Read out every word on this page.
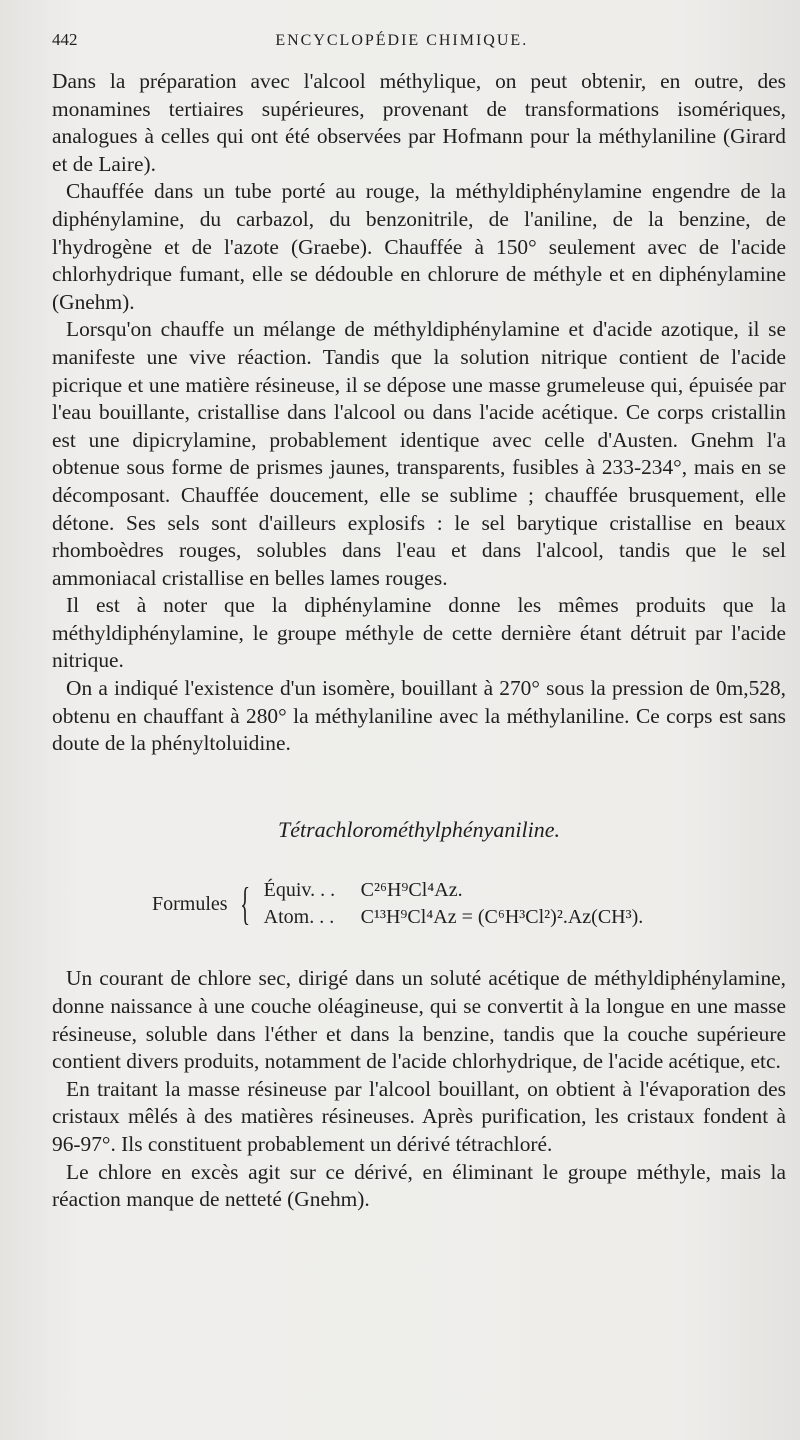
442	ENCYCLOPÉDIE CHIMIQUE.

Dans la préparation avec l'alcool méthylique, on peut obtenir, en outre, des monamines tertiaires supérieures, provenant de transformations isomériques, analogues à celles qui ont été observées par Hofmann pour la méthylaniline (Girard et de Laire).

Chauffée dans un tube porté au rouge, la méthyldiphénylamine engendre de la diphénylamine, du carbazol, du benzonitrile, de l'aniline, de la benzine, de l'hydrogène et de l'azote (Graebe). Chauffée à 150° seulement avec de l'acide chlorhydrique fumant, elle se dédouble en chlorure de méthyle et en diphénylamine (Gnehm).

Lorsqu'on chauffe un mélange de méthyldiphénylamine et d'acide azotique, il se manifeste une vive réaction. Tandis que la solution nitrique contient de l'acide picrique et une matière résineuse, il se dépose une masse grumeleuse qui, épuisée par l'eau bouillante, cristallise dans l'alcool ou dans l'acide acétique. Ce corps cristallin est une dipicrylamine, probablement identique avec celle d'Austen. Gnehm l'a obtenue sous forme de prismes jaunes, transparents, fusibles à 233-234°, mais en se décomposant. Chauffée doucement, elle se sublime ; chauffée brusquement, elle détone. Ses sels sont d'ailleurs explosifs : le sel barytique cristallise en beaux rhomboèdres rouges, solubles dans l'eau et dans l'alcool, tandis que le sel ammoniacal cristallise en belles lames rouges.

Il est à noter que la diphénylamine donne les mêmes produits que la méthyldiphénylamine, le groupe méthyle de cette dernière étant détruit par l'acide nitrique.

On a indiqué l'existence d'un isomère, bouillant à 270° sous la pression de 0m,528, obtenu en chauffant à 280° la méthylaniline avec la méthylaniline. Ce corps est sans doute de la phényltoluidine.

Tétrachlorométhylphényaniline.
Formules { Équiv. . . C²⁶H⁹Cl⁴Az.
Atom. . . C¹³H⁹Cl⁴Az = (C⁶H³Cl²)².Az(CH³).

Un courant de chlore sec, dirigé dans un soluté acétique de méthyldiphénylamine, donne naissance à une couche oléagineuse, qui se convertit à la longue en une masse résineuse, soluble dans l'éther et dans la benzine, tandis que la couche supérieure contient divers produits, notamment de l'acide chlorhydrique, de l'acide acétique, etc.

En traitant la masse résineuse par l'alcool bouillant, on obtient à l'évaporation des cristaux mêlés à des matières résineuses. Après purification, les cristaux fondent à 96-97°. Ils constituent probablement un dérivé tétrachloré.

Le chlore en excès agit sur ce dérivé, en éliminant le groupe méthyle, mais la réaction manque de netteté (Gnehm).
